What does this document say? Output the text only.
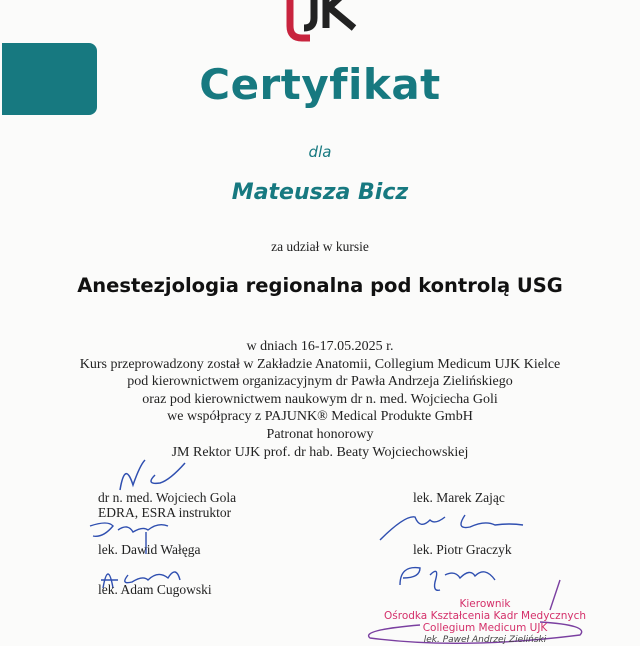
Certyfikat
dla
Mateusza Bicz
za udział w kursie
Anestezjologia regionalna pod kontrolą USG
w dniach 16-17.05.2025 r.
Kurs przeprowadzony został w Zakładzie Anatomii, Collegium Medicum UJK Kielce
pod kierownictwem organizacyjnym dr Pawła Andrzeja Zielińskiego
oraz pod kierownictwem naukowym dr n. med. Wojciecha Goli
we współpracy z PAJUNK® Medical Produkte GmbH
Patronat honorowy
JM Rektor UJK prof. dr hab. Beaty Wojciechowskiej
dr n. med. Wojciech Gola
EDRA, ESRA instruktor
lek. Dawid Wałęga
lek. Adam Cugowski
lek. Marek Zając
lek. Piotr Graczyk
Kierownik
Ośrodka Kształcenia Kadr Medycznych
Collegium Medicum UJK
lek. Paweł Andrzej Zieliński
